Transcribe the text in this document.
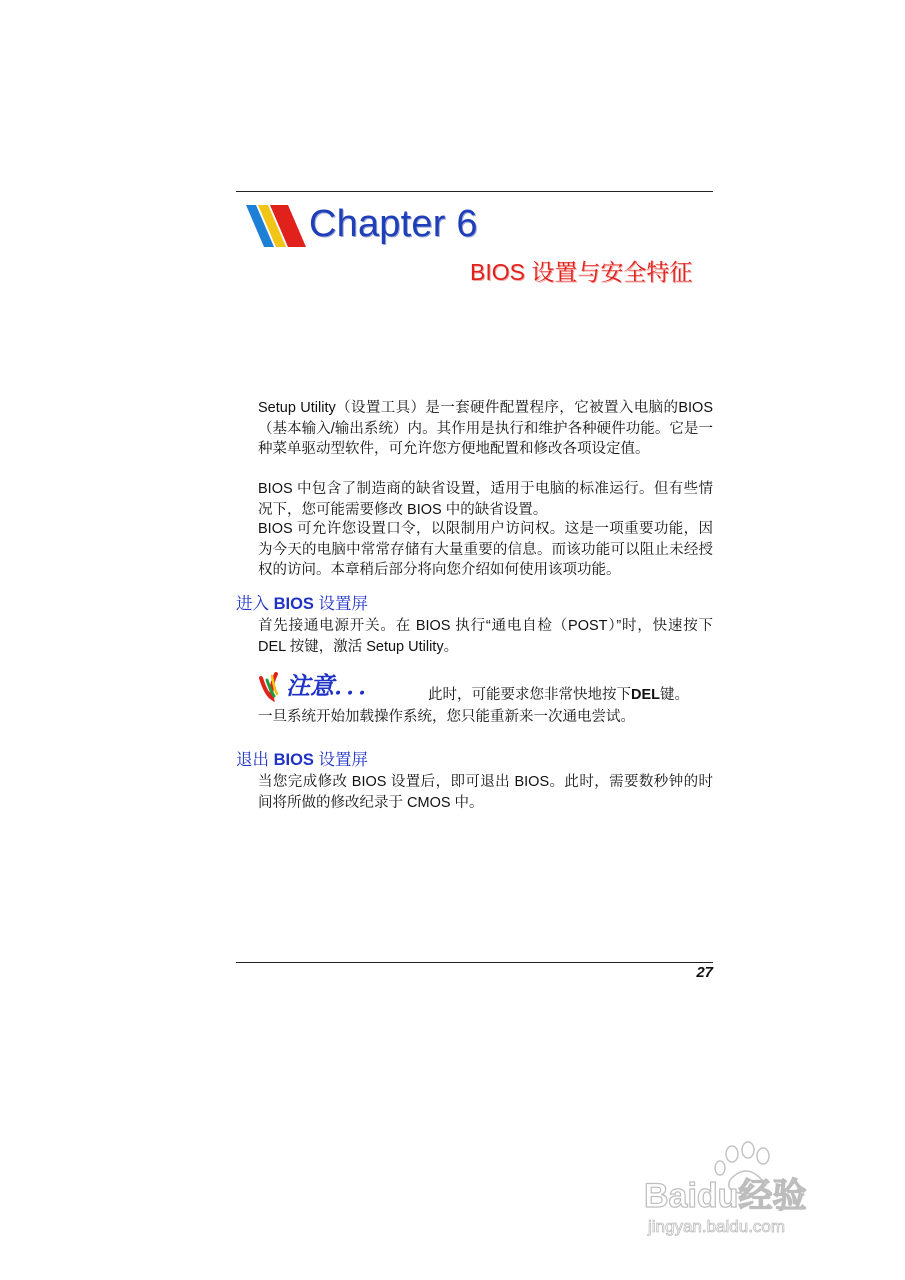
Chapter 6
BIOS 设置与安全特征

Setup Utility（设置工具）是一套硬件配置程序，它被置入电脑的BIOS（基本输入/输出系统）内。其作用是执行和维护各种硬件功能。它是一种菜单驱动型软件，可允许您方便地配置和修改各项设定值。

BIOS 中包含了制造商的缺省设置，适用于电脑的标准运行。但有些情况下，您可能需要修改 BIOS 中的缺省设置。

BIOS 可允许您设置口令，以限制用户访问权。这是一项重要功能，因为今天的电脑中常常存储有大量重要的信息。而该功能可以阻止未经授权的访问。本章稍后部分将向您介绍如何使用该项功能。

进入 BIOS 设置屏

首先接通电源开关。在 BIOS 执行“通电自检（POST）”时，快速按下 DEL 按键，激活 Setup Utility。

注意．．．	此时，可能要求您非常快地按下DEL键。
一旦系统开始加载操作系统，您只能重新来一次通电尝试。
退出 BIOS 设置屏

当您完成修改 BIOS 设置后，即可退出 BIOS。此时，需要数秒钟的时间将所做的修改纪录于 CMOS 中。

27
Baidu经验
jingyan.baidu.com
